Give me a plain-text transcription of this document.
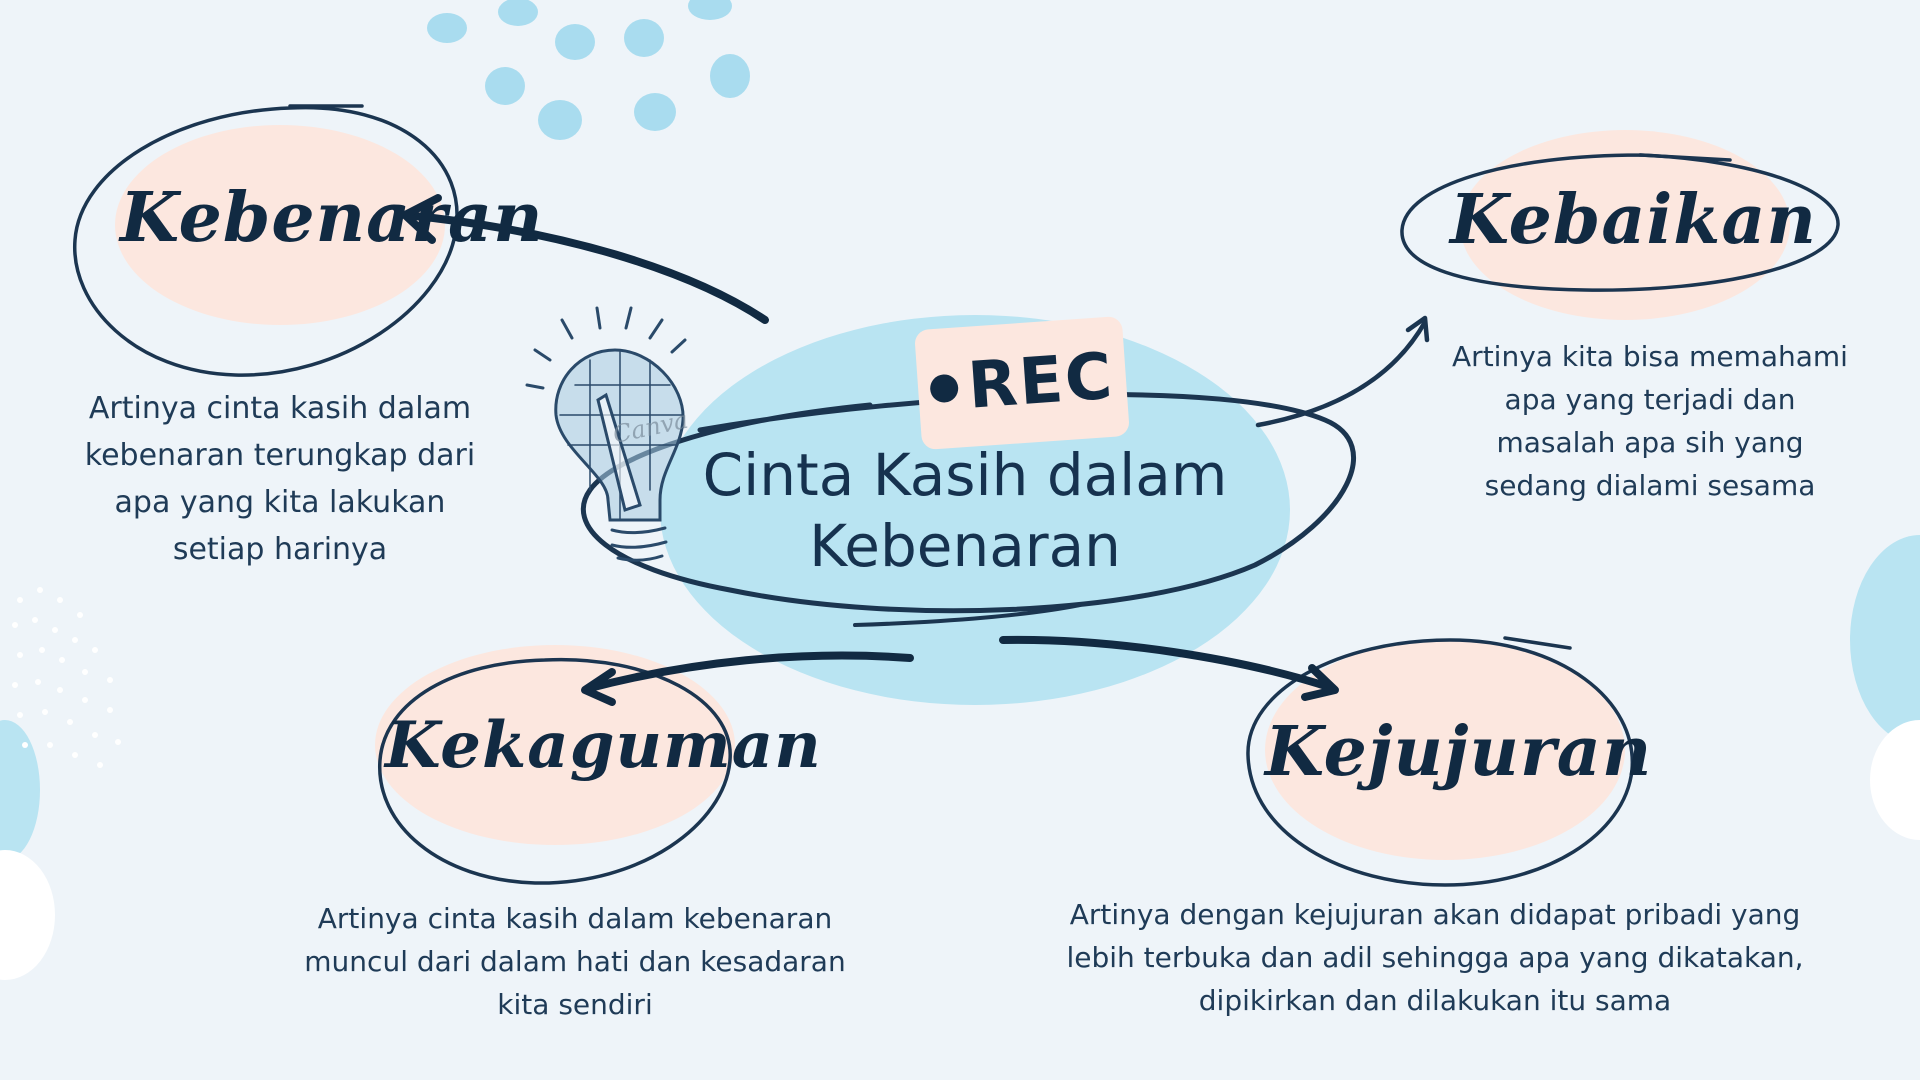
Canva
REC
Cinta Kasih dalam
Kebenaran
Kebenaran	Kebaikan
Kekaguman	Kejujuran

Artinya cinta kasih dalam
kebenaran terungkap dari
apa yang kita lakukan
setiap harinya

Artinya kita bisa memahami
apa yang terjadi dan
masalah apa sih yang
sedang dialami sesama

Artinya cinta kasih dalam kebenaran
muncul dari dalam hati dan kesadaran
kita sendiri

Artinya dengan kejujuran akan didapat pribadi yang
lebih terbuka dan adil sehingga apa yang dikatakan,
dipikirkan dan dilakukan itu sama
